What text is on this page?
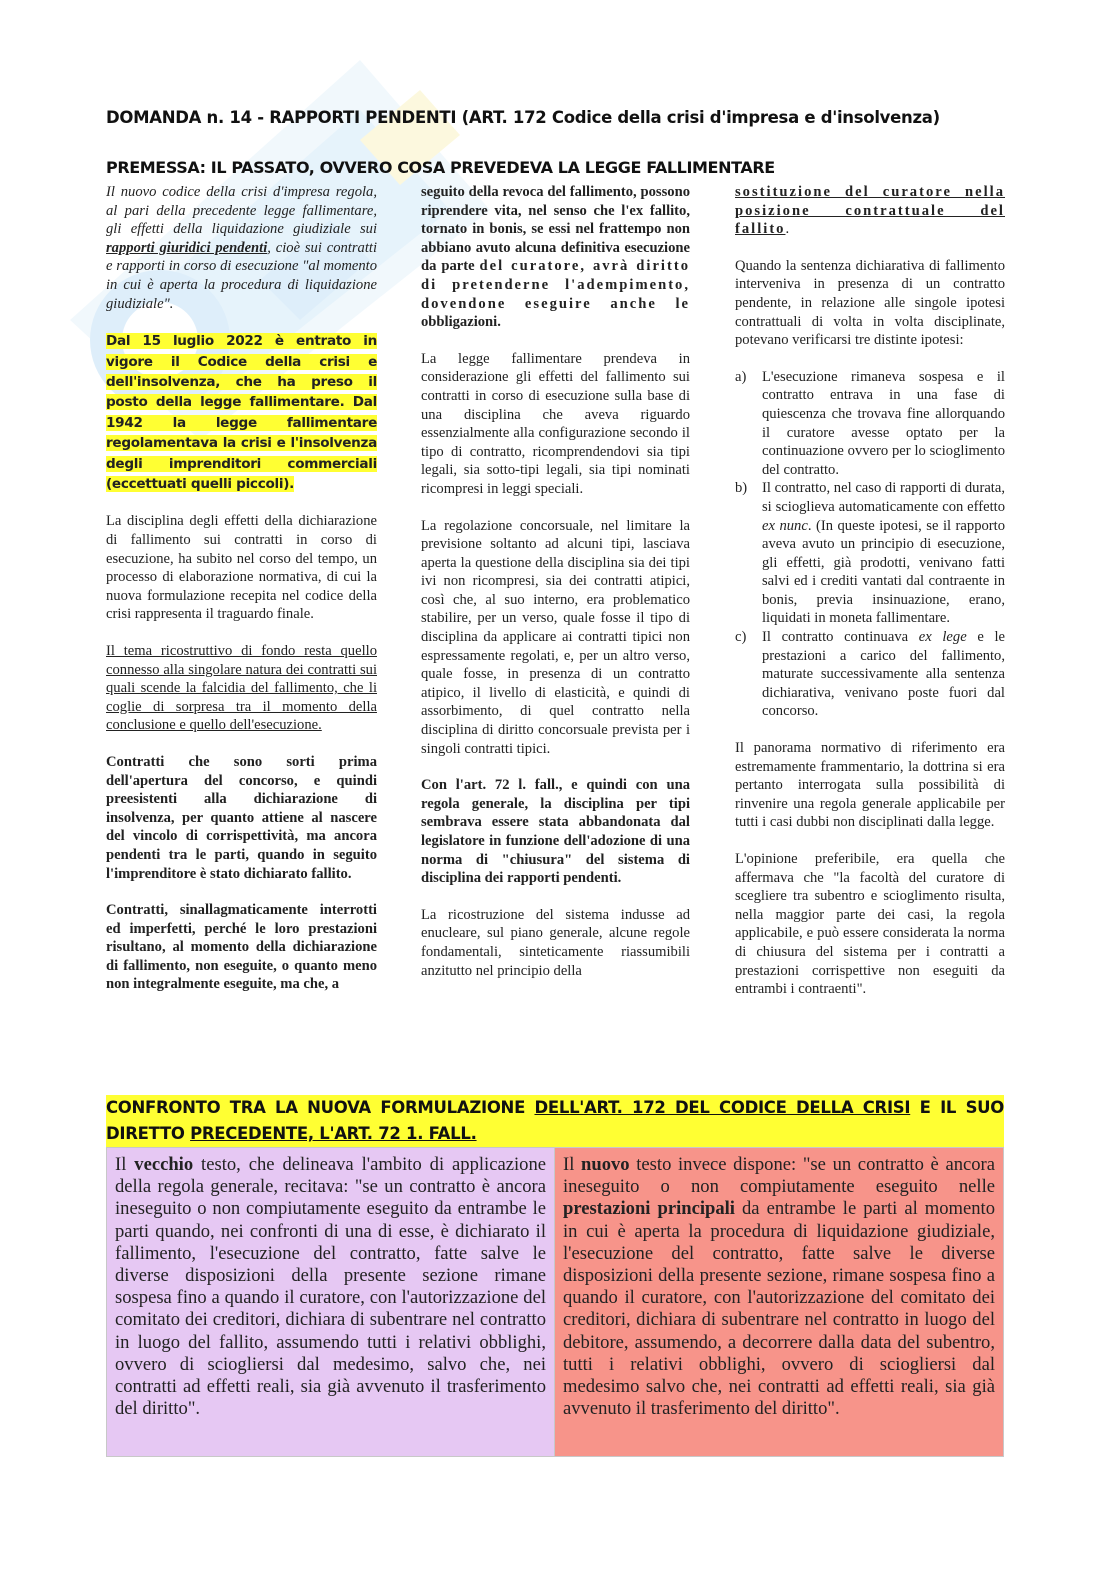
DOMANDA n. 14 - RAPPORTI PENDENTI (ART. 172 Codice della crisi d'impresa e d'insolvenza)
PREMESSA: IL PASSATO, OVVERO COSA PREVEDEVA LA LEGGE FALLIMENTARE

Il nuovo codice della crisi d'impresa regola, al pari della precedente legge fallimentare, gli effetti della liquidazione giudiziale sui rapporti giuridici pendenti, cioè sui contratti e rapporti in corso di esecuzione "al momento in cui è aperta la procedura di liquidazione giudiziale".

Dal 15 luglio 2022 è entrato in vigore il Codice della crisi e dell'insolvenza, che ha preso il posto della legge fallimentare. Dal 1942 la legge fallimentare regolamentava la crisi e l'insolvenza degli imprenditori commerciali (eccettuati quelli piccoli).

La disciplina degli effetti della dichiarazione di fallimento sui contratti in corso di esecuzione, ha subito nel corso del tempo, un processo di elaborazione normativa, di cui la nuova formulazione recepita nel codice della crisi rappresenta il traguardo finale.

Il tema ricostruttivo di fondo resta quello connesso alla singolare natura dei contratti sui quali scende la falcidia del fallimento, che li coglie di sorpresa tra il momento della conclusione e quello dell'esecuzione.

Contratti che sono sorti prima dell'apertura del concorso, e quindi preesistenti alla dichiarazione di insolvenza, per quanto attiene al nascere del vincolo di corrispettività, ma ancora pendenti tra le parti, quando in seguito l'imprenditore è stato dichiarato fallito.

Contratti, sinallagmaticamente interrotti ed imperfetti, perché le loro prestazioni risultano, al momento della dichiarazione di fallimento, non eseguite, o quanto meno non integralmente eseguite, ma che, a

seguito della revoca del fallimento, possono riprendere vita, nel senso che l'ex fallito, tornato in bonis, se essi nel frattempo non abbiano avuto alcuna definitiva esecuzione da parte del curatore, avrà diritto di pretenderne l'adempimento, dovendone eseguire anche le obbligazioni.

La legge fallimentare prendeva in considerazione gli effetti del fallimento sui contratti in corso di esecuzione sulla base di una disciplina che aveva riguardo essenzialmente alla configurazione secondo il tipo di contratto, ricomprendendovi sia tipi legali, sia sotto-tipi legali, sia tipi nominati ricompresi in leggi speciali.

La regolazione concorsuale, nel limitare la previsione soltanto ad alcuni tipi, lasciava aperta la questione della disciplina sia dei tipi ivi non ricompresi, sia dei contratti atipici, così che, al suo interno, era problematico stabilire, per un verso, quale fosse il tipo di disciplina da applicare ai contratti tipici non espressamente regolati, e, per un altro verso, quale fosse, in presenza di un contratto atipico, il livello di elasticità, e quindi di assorbimento, di quel contratto nella disciplina di diritto concorsuale prevista per i singoli contratti tipici.

Con l'art. 72 l. fall., e quindi con una regola generale, la disciplina per tipi sembrava essere stata abbandonata dal legislatore in funzione dell'adozione di una norma di "chiusura" del sistema di disciplina dei rapporti pendenti.

La ricostruzione del sistema indusse ad enucleare, sul piano generale, alcune regole fondamentali, sinteticamente riassumibili anzitutto nel principio della

sostituzione del curatore nella posizione contrattuale del fallito.

Quando la sentenza dichiarativa di fallimento interveniva in presenza di un contratto pendente, in relazione alle singole ipotesi contrattuali di volta in volta disciplinate, potevano verificarsi tre distinte ipotesi:

a) L'esecuzione rimaneva sospesa e il contratto entrava in una fase di quiescenza che trovava fine allorquando il curatore avesse optato per la continuazione ovvero per lo scioglimento del contratto.
b) Il contratto, nel caso di rapporti di durata, si scioglieva automaticamente con effetto ex nunc. (In queste ipotesi, se il rapporto aveva avuto un principio di esecuzione, gli effetti, già prodotti, venivano fatti salvi ed i crediti vantati dal contraente in bonis, previa insinuazione, erano, liquidati in moneta fallimentare.
c) Il contratto continuava ex lege e le prestazioni a carico del fallimento, maturate successivamente alla sentenza dichiarativa, venivano poste fuori dal concorso.

Il panorama normativo di riferimento era estremamente frammentario, la dottrina si era pertanto interrogata sulla possibilità di rinvenire una regola generale applicabile per tutti i casi dubbi non disciplinati dalla legge.

L'opinione preferibile, era quella che affermava che "la facoltà del curatore di scegliere tra subentro e scioglimento risulta, nella maggior parte dei casi, la regola applicabile, e può essere considerata la norma di chiusura del sistema per i contratti a prestazioni corrispettive non eseguiti da entrambi i contraenti".

CONFRONTO TRA LA NUOVA FORMULAZIONE DELL'ART. 172 DEL CODICE DELLA CRISI E IL SUO DIRETTO PRECEDENTE, L'ART. 72 1. FALL.
Il vecchio testo, che delineava l'ambito di applicazione della regola generale, recitava: "se un contratto è ancora ineseguito o non compiutamente eseguito da entrambe le parti quando, nei confronti di una di esse, è dichiarato il fallimento, l'esecuzione del contratto, fatte salve le diverse disposizioni della presente sezione rimane sospesa fino a quando il curatore, con l'autorizzazione del comitato dei creditori, dichiara di subentrare nel contratto in luogo del fallito, assumendo tutti i relativi obblighi, ovvero di sciogliersi dal medesimo, salvo che, nei contratti ad effetti reali, sia già avvenuto il trasferimento del diritto".
Il nuovo testo invece dispone: "se un contratto è ancora ineseguito o non compiutamente eseguito nelle prestazioni principali da entrambe le parti al momento in cui è aperta la procedura di liquidazione giudiziale, l'esecuzione del contratto, fatte salve le diverse disposizioni della presente sezione, rimane sospesa fino a quando il curatore, con l'autorizzazione del comitato dei creditori, dichiara di subentrare nel contratto in luogo del debitore, assumendo, a decorrere dalla data del subentro, tutti i relativi obblighi, ovvero di sciogliersi dal medesimo salvo che, nei contratti ad effetti reali, sia già avvenuto il trasferimento del diritto".
